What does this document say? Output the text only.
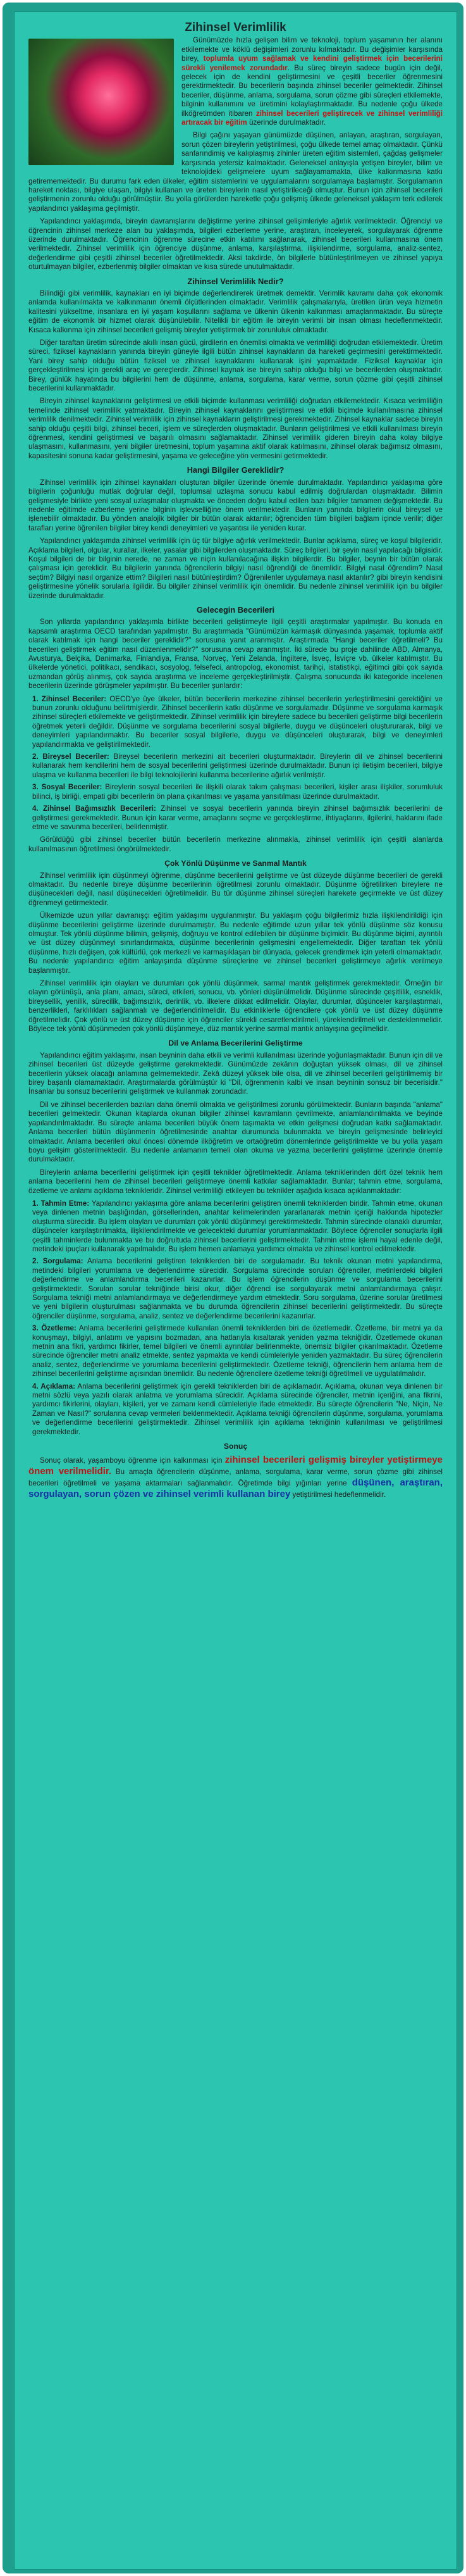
Zihinsel Verimlilik

Günümüzde hızla gelişen bilim ve teknoloji, toplum yaşamının her alanını etkilemekte ve köklü değişimleri zorunlu kılmaktadır. Bu değişimler karşısında birey, toplumla uyum sağlamak ve kendini geliştirmek için becerilerini sürekli yenilemek zorundadır. Bu süreç bireyin sadece bugün için değil, gelecek için de kendini geliştirmesini ve çeşitli beceriler öğrenmesini gerektirmektedir. Bu becerilerin başında zihinsel beceriler gelmektedir. Zihinsel beceriler, düşünme, anlama, sorgulama, sorun çözme gibi süreçleri etkilemekte, bilginin kullanımını ve üretimini kolaylaştırmaktadır. Bu nedenle çoğu ülkede ilköğretimden itibaren zihinsel becerileri geliştirecek ve zihinsel verimliliği artıracak bir eğitim üzerinde durulmaktadır.

Bilgi çağını yaşayan günümüzde düşünen, anlayan, araştıran, sorgulayan, sorun çözen bireylerin yetiştirilmesi, çoğu ülkede temel amaç olmaktadır. Çünkü sanfarındimiş ve kalıplaşmış zihinler üreten eğitim sistemleri, çağdaş gelişmeler karşısında yetersiz kalmaktadır. Geleneksel anlayışla yetişen bireyler, bilim ve teknolojideki gelişmelere uyum sağlayamamakta, ülke kalkınmasına katkı getirememektedir. Bu durumu fark eden ülkeler, eğitim sistemlerini ve uygulamalarını sorgulamaya başlamıştır. Sorgulamanın hareket noktası, bilgiye ulaşan, bilgiyi kullanan ve üreten bireylerin nasıl yetiştirileceği olmuştur. Bunun için zihinsel becerileri geliştirmenin zorunlu olduğu görülmüştür. Bu yolla görülerden hareketle çoğu gelişmiş ülkede geleneksel yaklaşım terk edilerek yapılandırıcı yaklaşıma geçilmiştir.

Yapılandırıcı yaklaşımda, bireyin davranışlarını değiştirme yerine zihinsel gelişimleriyle ağırlık verilmektedir. Öğrenciyi ve öğrencinin zihinsel merkeze alan bu yaklaşımda, bilgileri ezberleme yerine, araştıran, inceleyerek, sorgulayarak öğrenme üzerinde durulmaktadır. Öğrencinin öğrenme sürecine etkin katılımı sağlanarak, zihinsel becerileri kullanmasına önem verilmektedir. Zihinsel verimlilik için öğrenciye düşünme, anlama, karşılaştırma, ilişkilendirme, sorgulama, analiz-sentez, değerlendirme gibi çeşitli zihinsel beceriler öğretilmektedir. Aksi takdirde, ön bilgilerle bütünleştirilmeyen ve zihinsel yapıya oturtulmayan bilgiler, ezberlenmiş bilgiler olmaktan ve kısa sürede unutulmaktadır.

Zihinsel Verimlilik Nedir?

Bilindiği gibi verimlilik, kaynakları en iyi biçimde değerlendirerek üretmek demektir. Verimlik kavramı daha çok ekonomik anlamda kullanılmakta ve kalkınmanın önemli ölçütlerinden olmaktadır. Verimlilik çalışmalarıyla, üretilen ürün veya hizmetin kalitesini yükseltme, insanlara en iyi yaşam koşullarını sağlama ve ülkenin ülkenin kalkınması amaçlanmaktadır. Bu süreçte eğitim de ekonomik bir hizmet olarak düşünülebilir. Nitelikli bir eğitim ile bireyin verimli bir insan olması hedeflenmektedir. Kısaca kalkınma için zihinsel becerileri gelişmiş bireyler yetiştirmek bir zorunluluk olmaktadır.

Diğer taraftan üretim sürecinde akıllı insan gücü, girdilerin en önemlisi olmakta ve verimliliği doğrudan etkilemektedir. Üretim süreci, fiziksel kaynakların yanında bireyin güneyle ilgili bütün zihinsel kaynakların da hareketi geçirmesini gerektirmektedir. Yani birey sahip olduğu bütün fiziksel ve zihinsel kaynaklarını kullanarak işini yapmaktadır. Fiziksel kaynaklar için gerçekleştirilmesi için gerekli araç ve gereçlerdir. Zihinsel kaynak ise bireyin sahip olduğu bilgi ve becerilerden oluşmaktadır. Birey, günlük hayatında bu bilgilerini hem de düşünme, anlama, sorgulama, karar verme, sorun çözme gibi çeşitli zihinsel becerilerini kullanmaktadır.

Bireyin zihinsel kaynaklarını geliştirmesi ve etkili biçimde kullanması verimliliği doğrudan etkilemektedir. Kısaca verimliliğin temelinde zihinsel verimlilik yatmaktadır. Bireyin zihinsel kaynaklarını geliştirmesi ve etkili biçimde kullanılmasına zihinsel verimlilik denilmektedir. Zihinsel verimlilik için zihinsel kaynakların geliştirilmesi gerekmektedir. Zihinsel kaynaklar sadece bireyin sahip olduğu çeşitli bilgi, zihinsel beceri, işlem ve süreçlerden oluşmaktadır. Bunların geliştirilmesi ve etkili kullanılması bireyin öğrenmesi, kendini geliştirmesi ve başarılı olmasını sağlamaktadır. Zihinsel verimlilik gideren bireyin daha kolay bilgiye ulaşmasını, kullanmasını, yeni bilgiler üretmesini, toplum yaşamına aktif olarak katılmasını, zihinsel olarak bağımsız olmasını, kapasitesini sonuna kadar geliştirmesini, yaşama ve geleceğine yön vermesini getirmektedir.

Hangi Bilgiler Gereklidir?

Zihinsel verimlilik için zihinsel kaynakları oluşturan bilgiler üzerinde önemle durulmaktadır. Yapılandırıcı yaklaşıma göre bilgilerin çoğunluğu mutlak doğrular değil, toplumsal uzlaşma sonucu kabul edilmiş doğrulardan oluşmaktadır. Bilimin gelişmesiyle birlikte yeni sosyal uzlaşmalar oluşmakta ve önceden doğru kabul edilen bazı bilgiler tamamen değişmektedir. Bu nedenle eğitimde ezberleme yerine bilginin işlevselliğine önem verilmektedir. Bunların yanında bilgilerin okul bireysel ve işlenebilir olmaktadır. Bu yönden analojik bilgiler bir bütün olarak aktarılır; öğrenciden tüm bilgileri bağlam içinde verilir; diğer tarafları yerine öğrenilen bilgiler birey kendi deneyimleri ve yaşantısı ile yeniden kurar.

Yapılandırıcı yaklaşımda zihinsel verimlilik için üç tür bilgiye ağırlık verilmektedir. Bunlar açıklama, süreç ve koşul bilgileridir. Açıklama bilgileri, olgular, kurallar, ilkeler, yasalar gibi bilgilerden oluşmaktadır. Süreç bilgileri, bir şeyin nasıl yapılacağı bilgisidir. Koşul bilgileri de bir bilginin nerede, ne zaman ve niçin kullanılacağına ilişkin bilgilerdir. Bu bilgiler, beynin bir bütün olarak çalışması için gereklidir. Bu bilgilerin yanında öğrencilerin bilgiyi nasıl öğrendiği de önemlidir. Bilgiyi nasıl öğrendim? Nasıl seçtim? Bilgiyi nasıl organize ettim? Bilgileri nasıl bütünleştirdim? Öğrenilenler uygulamaya nasıl aktarılır? gibi bireyin kendisini geliştirmesine yönelik sorularla ilgilidir. Bu bilgiler zihinsel verimlilik için önemlidir. Bu nedenle zihinsel verimlilik için bu bilgiler üzerinde durulmaktadır.

Gelecegin Becerileri

Son yıllarda yapılandırıcı yaklaşımla birlikte becerileri geliştirmeyle ilgili çeşitli araştırmalar yapılmıştır. Bu konuda en kapsamlı araştırma OECD tarafından yapılmıştır. Bu araştırmada "Günümüzün karmaşık dünyasında yaşamak, toplumla aktif olarak katılmak için hangi beceriler gereklidir?" sorusuna yanıt aranmıştır. Araştırmada "Hangi beceriler öğretilmeli? Bu becerileri geliştirmek eğitim nasıl düzenlenmelidir?" sorusuna cevap aranmıştır. İki sürede bu proje dahilinde ABD, Almanya, Avusturya, Belçika, Danimarka, Finlandiya, Fransa, Norveç, Yeni Zelanda, İngiltere, İsveç, İsviçre vb. ülkeler katılmıştır. Bu ülkelerde yönetici, politikacı, sendikacı, sosyolog, felsefeci, antropolog, ekonomist, tarihçi, istatistikçi, eğitimci gibi çok sayıda uzmandan görüş alınmış, çok sayıda araştırma ve inceleme gerçekleştirilmiştir. Çalışma sonucunda iki kategoride incelenen becerilerin üzerinde görüşmeler yapılmıştır. Bu beceriler şunlardır:

1. Zihinsel Beceriler: OECD'ye üye ülkeler, bütün becerilerin merkezine zihinsel becerilerin yerleştirilmesini gerektiğini ve bunun zorunlu olduğunu belirtmişlerdir. Zihinsel becerilerin katkı düşünme ve sorgulamadır. Düşünme ve sorgulama karmaşık zihinsel süreçleri etkilemekte ve geliştirmektedir. Zihinsel verimlilik için bireylere sadece bu becerileri geliştirme bilgi becerilerin öğretmek yeterli değildir. Düşünme ve sorgulama becerilerini sosyal bilgilerle, duygu ve düşünceleri oluştururarak, bilgi ve deneyimleri yapılandırmaktır. Bu beceriler sosyal bilgilerle, duygu ve düşünceleri oluşturarak, bilgi ve deneyimleri yapılandırmakta ve geliştirilmektedir.
2. Bireysel Beceriler: Bireysel becerilerin merkezini ait becerileri oluşturmaktadır. Bireylerin dil ve zihinsel becerilerini kullanarak hem kendilerini hem de sosyal becerilerini geliştirmesi üzerinde durulmaktadır. Bunun içi iletişim becerileri, bilgiye ulaşma ve kullanma becerileri ile bilgi teknolojilerini kullanma becerilerine ağırlık verilmiştir.
3. Sosyal Beceriler: Bireylerin sosyal becerileri ile ilişkili olarak takım çalışması becerileri, kişiler arası ilişkiler, sorumluluk bilinci, iş birliği, empati gibi becerilerin ön plana çıkarılması ve yaşama yansıtılması üzerinde durulmaktadır.
4. Zihinsel Bağımsızlık Becerileri: Zihinsel ve sosyal becerilerin yanında bireyin zihinsel bağımsızlık becerilerini de geliştirmesi gerekmektedir. Bunun için karar verme, amaçlarını seçme ve gerçekleştirme, ihtiyaçlarını, ilgilerini, haklarını ifade etme ve savunma becerileri, belirlenmiştir.

Görüldüğü gibi zihinsel beceriler bütün becerilerin merkezine alınmakla, zihinsel verimlilik için çeşitli alanlarda kullanılmasının öğretilmesi öngörülmektedir.

Çok Yönlü Düşünme ve Sanmal Mantık

Zihinsel verimlilik için düşünmeyi öğrenme, düşünme becerilerini geliştirme ve üst düzeyde düşünme becerileri de gerekli olmaktadır. Bu nedenle bireye düşünme becerilerinin öğretilmesi zorunlu olmaktadır. Düşünme öğretilirken bireylere ne düşünecekleri değil, nasıl düşünecekleri öğretilmelidir. Bu tür düşünme zihinsel süreçleri harekete geçirmekte ve üst düzey öğrenmeyi getirmektedir.

Ülkemizde uzun yıllar davranışçı eğitim yaklaşımı uygulanmıştır. Bu yaklaşım çoğu bilgilerimiz hızla ilişkilendirildiği için düşünme becerilerini geliştirme üzerinde durulmamıştır. Bu nedenle eğitimde uzun yıllar tek yönlü düşünme söz konusu olmuştur. Tek yönlü düşünme bilimin, gelişmiş, doğruyu ve kontrol edilebilen bir düşünme biçimidir. Bu düşünme biçimi, ayrıntılı ve üst düzey düşünmeyi sınırlandırmakta, düşünme becerilerinin gelişmesini engellemektedir. Diğer taraftan tek yönlü düşünme, hızlı değişen, çok kültürlü, çok merkezli ve karmaşıklaşan bir dünyada, gelecek grendirmek için yeterli olmamaktadır. Bu nedenle yapılandırıcı eğitim anlayışında düşünme süreçlerine ve zihinsel becerileri geliştirmeye ağırlık verilmeye başlanmıştır.

Zihinsel verimlilik için olayları ve durumları çok yönlü düşünmek, sarmal mantık geliştirmek gerekmektedir. Örneğin bir olayın görünüşü, anla planı, amacı, süreci, etkileri, sonucu, vb. yönleri düşünülmelidir. Düşünme sürecinde çeşitlilik, esneklik, bireysellik, yenilik, sürecilik, bağımsızlık, derinlik, vb. ilkelere dikkat edilmelidir. Olaylar, durumlar, düşünceler karşılaştırmalı, benzerlikleri, farklılıkları sağlanmalı ve değerlendirilmelidir. Bu etkinliklerle öğrencilere çok yönlü ve üst düzey düşünme öğretilmelidir. Çok yönlü ve üst düzey düşünme için öğrenciler sürekli cesaretlendirilmeli, yüreklendirilmeli ve desteklenmelidir. Böylece tek yönlü düşünmeden çok yönlü düşünmeye, düz mantık yerine sarmal mantık anlayışına geçilmelidir.

Dil ve Anlama Becerilerini Geliştirme

Yapılandırıcı eğitim yaklaşımı, insan beyninin daha etkili ve verimli kullanılması üzerinde yoğunlaşmaktadır. Bunun için dil ve zihinsel becerileri üst düzeyde geliştirme gerekmektedir. Günümüzde zekânın doğuştan yüksek olması, dil ve zihinsel becerilerin yüksek olacağı anlamına gelmemektedir. Zekâ düzeyi yüksek bile olsa, dil ve zihinsel becerileri geliştirilmemiş bir birey başarılı olamamaktadır. Araştırmalarda görülmüştür ki "Dil, öğrenmenin kalbi ve insan beyninin sonsuz bir becerisidir." İnsanlar bu sonsuz becerilerini geliştirmek ve kullanmak zorundadır.

Dil ve zihinsel becerilerden bazıları daha önemli olmakta ve geliştirilmesi zorunlu görülmektedir. Bunların başında "anlama" becerileri gelmektedir. Okunan kitaplarda okunan bilgiler zihinsel kavramların çevrilmekte, anlamlandırılmakta ve beyinde yapılandırılmaktadır. Bu süreçte anlama becerileri büyük önem taşımakta ve etkin gelişmesi doğrudan katkı sağlamaktadır. Anlama becerileri bütün düşünmenin öğretilmesinde anahtar durumunda bulunmakta ve bireyin gelişmesinde belirleyici olmaktadır. Anlama becerileri okul öncesi dönemde ilköğretim ve ortaöğretim dönemlerinde geliştirilmekte ve bu yolla yaşam boyu gelişim gösterilmektedir. Bu nedenle anlamanın temeli olan okuma ve yazma becerilerini geliştirme üzerinde önemle durulmaktadır.

Bireylerin anlama becerilerini geliştirmek için çeşitli teknikler öğretilmektedir. Anlama tekniklerinden dört özel teknik hem anlama becerilerini hem de zihinsel becerileri geliştirmeye önemli katkılar sağlamaktadır. Bunlar; tahmin etme, sorgulama, özetleme ve anlamı açıklama teknikleridir. Zihinsel verimliliği etkileyen bu teknikler aşağıda kısaca açıklanmaktadır:

1. Tahmin Etme: Yapılandırıcı yaklaşıma göre anlama becerilerini geliştiren önemli tekniklerden biridir. Tahmin etme, okunan veya dinlenen metnin başlığından, görsellerinden, anahtar kelimelerinden yararlanarak metnin içeriği hakkında hipotezler oluşturma sürecidir. Bu işlem olayları ve durumları çok yönlü düşünmeyi gerektirmektedir. Tahmin sürecinde olanaklı durumlar, düşünceler karşılaştırılmakta, ilişkilendirilmekte ve gelecekteki durumlar yorumlanmaktadır. Böylece öğrenciler sonuçlarla ilgili çeşitli tahminlerde bulunmakta ve bu doğrultuda zihinsel becerilerini geliştirmektedir. Tahmin etme işlemi hayal edenle değil, metindeki ipuçları kullanarak yapılmalıdır. Bu işlem hemen anlamaya yardımcı olmakta ve zihinsel kontrol edilmektedir.
2. Sorgulama: Anlama becerilerini geliştiren tekniklerden biri de sorgulamadır. Bu teknik okunan metni yapılandırma, metindeki bilgileri yorumlama ve değerlendirme sürecidir. Sorgulama sürecinde soruları öğrenciler, metinlerdeki bilgileri değerlendirme ve anlamlandırma becerileri kazanırlar. Bu işlem öğrencilerin düşünme ve sorgulama becerilerini geliştirmektedir. Sorulan sorular tekniğinde birisi okur, diğer öğrenci ise sorgulayarak metni anlamlandırmaya çalışır. Sorgulama tekniği metni anlamlandırmaya ve değerlendirmeye yardım etmektedir. Soru sorgulama, üzerine sorular üretilmesi ve yeni bilgilerin oluşturulması sağlanmakta ve bu durumda öğrencilerin zihinsel becerilerini geliştirmektedir. Bu süreçte öğrenciler düşünme, sorgulama, analiz, sentez ve değerlendirme becerilerini kazanırlar.
3. Özetleme: Anlama becerilerini geliştirmede kullanılan önemli tekniklerden biri de özetlemedir. Özetleme, bir metni ya da konuşmayı, bilgiyi, anlatımı ve yapısını bozmadan, ana hatlarıyla kısaltarak yeniden yazma tekniğidir. Özetlemede okunan metnin ana fikri, yardımcı fikirler, temel bilgileri ve önemli ayrıntılar belirlenmekte, önemsiz bilgiler çıkarılmaktadır. Özetleme sürecinde öğrenciler metni analiz etmekte, sentez yapmakta ve kendi cümleleriyle yeniden yazmaktadır. Bu süreç öğrencilerin analiz, sentez, değerlendirme ve yorumlama becerilerini geliştirmektedir. Özetleme tekniği, öğrencilerin hem anlama hem de zihinsel becerilerini geliştirme açısından önemlidir. Bu nedenle öğrencilere özetleme tekniği öğretilmeli ve uygulatılmalıdır.
4. Açıklama: Anlama becerilerini geliştirmek için gerekli tekniklerden biri de açıklamadır. Açıklama, okunan veya dinlenen bir metni sözlü veya yazılı olarak anlatma ve yorumlama sürecidir. Açıklama sürecinde öğrenciler, metnin içeriğini, ana fikrini, yardımcı fikirlerini, olayları, kişileri, yer ve zamanı kendi cümleleriyle ifade etmektedir. Bu süreçte öğrencilerin "Ne, Niçin, Ne Zaman ve Nasıl?" sorularına cevap vermeleri beklenmektedir. Açıklama tekniği öğrencilerin düşünme, sorgulama, yorumlama ve değerlendirme becerilerini geliştirmektedir. Zihinsel verimlilik için açıklama tekniğinin kullanılması ve geliştirilmesi gerekmektedir.
Sonuç

Sonuç olarak, yaşamboyu öğrenme için kalkınması için zihinsel becerileri gelişmiş bireyler yetiştirmeye önem verilmelidir. Bu amaçla öğrencilerin düşünme, anlama, sorgulama, karar verme, sorun çözme gibi zihinsel becerileri öğretilmeli ve yaşama aktarmaları sağlanmalıdır. Öğretimde bilgi yığınları yerine düşünen, araştıran, sorgulayan, sorun çözen ve zihinsel verimli kullanan birey yetiştirilmesi hedeflenmelidir.
